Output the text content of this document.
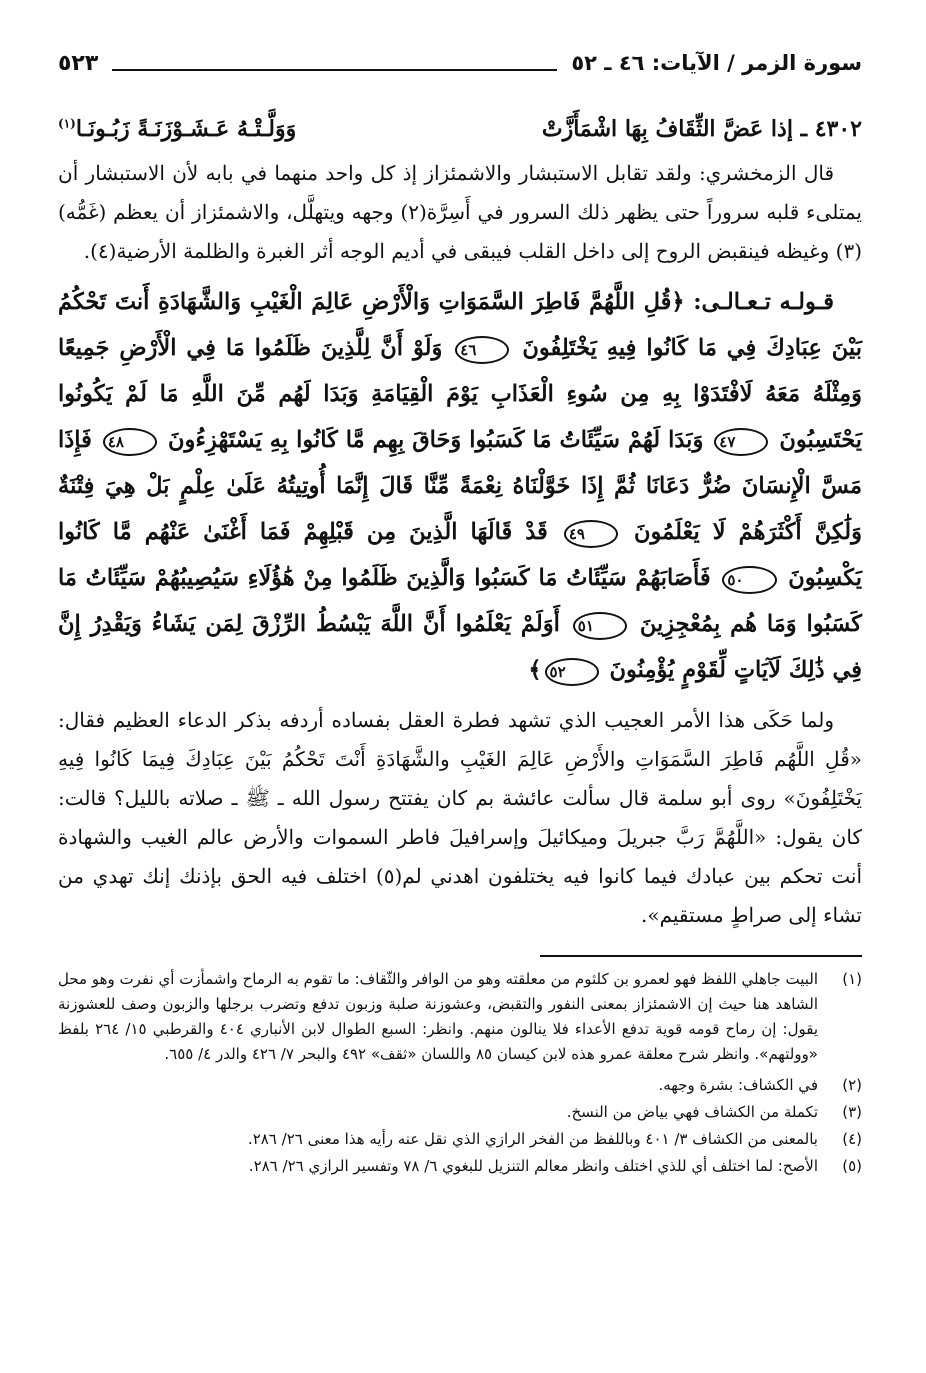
سورة الزمر / الآيات: ٤٦ ـ ٥٢
٥٢٣
٤٣٠٢ ـ إذا عَضَّ الثِّقَافُ بِهَا اشْمَأَزَّتْ
وَوَلَّـتْـهُ عَـشَـوْزَنَـةً زَبُـونَـا$^{(١)}$

قال الزمخشري: ولقد تقابل الاستبشار والاشمئزاز إذ كل واحد منهما في بابه لأن الاستبشار أن يمتلىء قلبه سروراً حتى يظهر ذلك السرور في أَسِرَّة(٢) وجهه ويتهلَّل، والاشمئزاز أن يعظم (غَمُّه)(٣) وغيظه فينقبض الروح إلى داخل القلب فيبقى في أديم الوجه أثر الغبرة والظلمة الأرضية(٤).

قـولـه تـعـالـى: ﴿قُلِ اللَّهُمَّ فَاطِرَ السَّمَوَاتِ وَالْأَرْضِ عَالِمَ الْغَيْبِ وَالشَّهَادَةِ أَنتَ تَحْكُمُ بَيْنَ عِبَادِكَ فِي مَا كَانُوا فِيهِ يَخْتَلِفُونَ ٤٦ وَلَوْ أَنَّ لِلَّذِينَ ظَلَمُوا مَا فِي الْأَرْضِ جَمِيعًا وَمِثْلَهُ مَعَهُ لَافْتَدَوْا بِهِ مِن سُوءِ الْعَذَابِ يَوْمَ الْقِيَامَةِ وَبَدَا لَهُم مِّنَ اللَّهِ مَا لَمْ يَكُونُوا يَحْتَسِبُونَ ٤٧ وَبَدَا لَهُمْ سَيِّئَاتُ مَا كَسَبُوا وَحَاقَ بِهِم مَّا كَانُوا بِهِ يَسْتَهْزِءُونَ ٤٨ فَإِذَا مَسَّ الْإِنسَانَ ضُرٌّ دَعَانَا ثُمَّ إِذَا خَوَّلْنَاهُ نِعْمَةً مِّنَّا قَالَ إِنَّمَا أُوتِيتُهُ عَلَىٰ عِلْمٍ بَلْ هِيَ فِتْنَةٌ وَلَٰكِنَّ أَكْثَرَهُمْ لَا يَعْلَمُونَ ٤٩ قَدْ قَالَهَا الَّذِينَ مِن قَبْلِهِمْ فَمَا أَغْنَىٰ عَنْهُم مَّا كَانُوا يَكْسِبُونَ ٥٠ فَأَصَابَهُمْ سَيِّئَاتُ مَا كَسَبُوا وَالَّذِينَ ظَلَمُوا مِنْ هَٰؤُلَاءِ سَيُصِيبُهُمْ سَيِّئَاتُ مَا كَسَبُوا وَمَا هُم بِمُعْجِزِينَ ٥١ أَوَلَمْ يَعْلَمُوا أَنَّ اللَّهَ يَبْسُطُ الرِّزْقَ لِمَن يَشَاءُ وَيَقْدِرُ إِنَّ فِي ذَٰلِكَ لَآيَاتٍ لِّقَوْمٍ يُؤْمِنُونَ ٥٢﴾

ولما حَكَى هذا الأمر العجيب الذي تشهد فطرة العقل بفساده أردفه بذكر الدعاء العظيم فقال: «قُلِ اللَّهُم فَاطِرَ السَّمَوَاتِ والأَرْضِ عَالِمَ الغَيْبِ والشَّهَادَةِ أَنْتَ تَحْكُمُ بَيْنَ عِبَادِكَ فِيمَا كَانُوا فِيهِ يَخْتَلِفُونَ» روى أبو سلمة قال سألت عائشة بم كان يفتتح رسول الله ـ ﷺ ـ صلاته بالليل؟ قالت: كان يقول: «اللَّهُمَّ رَبَّ جبريلَ وميكائيلَ وإسرافيلَ فاطر السموات والأرض عالم الغيب والشهادة أنت تحكم بين عبادك فيما كانوا فيه يختلفون اهدني لم(٥) اختلف فيه الحق بإذنك إنك تهدي من تشاء إلى صراطٍ مستقيم».

(١)
البيت جاهلي اللفظ فهو لعمرو بن كلثوم من معلقته وهو من الوافر والثّقاف: ما تقوم به الرماح واشمأزت أي نفرت وهو محل الشاهد هنا حيث إن الاشمئزاز بمعنى النفور والتقبض، وعشوزنة صلبة وزبون تدفع وتضرب برجلها والزبون وصف للعشوزنة يقول: إن رماح قومه قوية تدفع الأعداء فلا ينالون منهم. وانظر: السبع الطوال لابن الأنباري ٤٠٤ والقرطبي ١٥/ ٢٦٤ بلفظ «وولتهم». وانظر شرح معلقة عمرو هذه لابن كيسان ٨٥ واللسان «ثقف» ٤٩٢ والبحر ٧/ ٤٢٦ والدر ٤/ ٦٥٥.
(٢)
في الكشاف: بشرة وجهه.
(٣)
تكملة من الكشاف فهي بياض من النسخ.
(٤)
بالمعنى من الكشاف ٣/ ٤٠١ وباللفظ من الفخر الرازي الذي نقل عنه رأيه هذا معنى ٢٦/ ٢٨٦.
(٥)
الأصح: لما اختلف أي للذي اختلف وانظر معالم التنزيل للبغوي ٦/ ٧٨ وتفسير الرازي ٢٦/ ٢٨٦.
